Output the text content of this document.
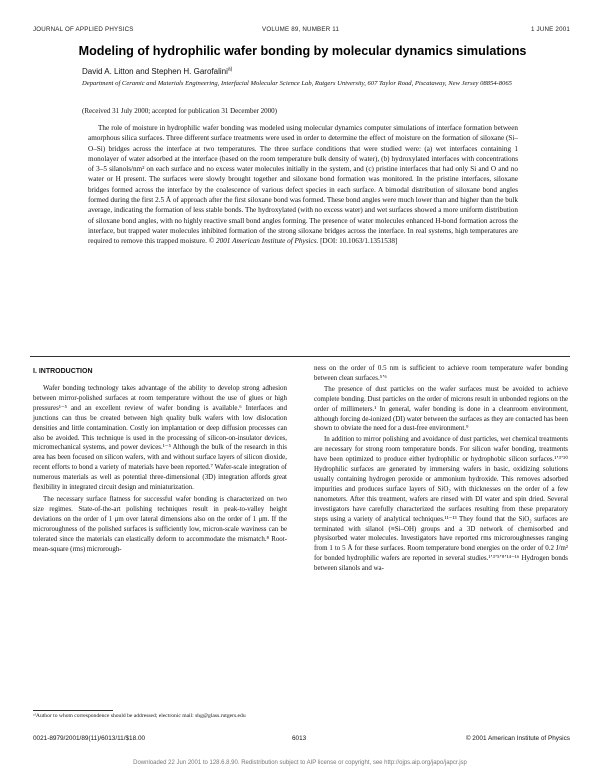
JOURNAL OF APPLIED PHYSICS	VOLUME 89, NUMBER 11	1 JUNE 2001
Modeling of hydrophilic wafer bonding by molecular dynamics simulations
David A. Litton and Stephen H. Garofalini$^{a)}$
Department of Ceramic and Materials Engineering, Interfacial Molecular Science Lab, Rutgers University, 607 Taylor Road, Piscataway, New Jersey 08854-8065
(Received 31 July 2000; accepted for publication 31 December 2000)

The role of moisture in hydrophilic wafer bonding was modeled using molecular dynamics computer simulations of interface formation between amorphous silica surfaces. Three different surface treatments were used in order to determine the effect of moisture on the formation of siloxane (Si–O–Si) bridges across the interface at two temperatures. The three surface conditions that were studied were: (a) wet interfaces containing 1 monolayer of water adsorbed at the interface (based on the room temperature bulk density of water), (b) hydroxylated interfaces with concentrations of 3–5 silanols/nm² on each surface and no excess water molecules initially in the system, and (c) pristine interfaces that had only Si and O and no water or H present. The surfaces were slowly brought together and siloxane bond formation was monitored. In the pristine interfaces, siloxane bridges formed across the interface by the coalescence of various defect species in each surface. A bimodal distribution of siloxane bond angles formed during the first 2.5 Å of approach after the first siloxane bond was formed. These bond angles were much lower than and higher than the bulk average, indicating the formation of less stable bonds. The hydroxylated (with no excess water) and wet surfaces showed a more uniform distribution of siloxane bond angles, with no highly reactive small bond angles forming. The presence of water molecules enhanced H-bond formation across the interface, but trapped water molecules inhibited formation of the strong siloxane bridges across the interface. In real systems, high temperatures are required to remove this trapped moisture. © 2001 American Institute of Physics. [DOI: 10.1063/1.1351538]

I. INTRODUCTION

Wafer bonding technology takes advantage of the ability to develop strong adhesion between mirror-polished surfaces at room temperature without the use of glues or high pressures¹⁻⁵ and an excellent review of wafer bonding is available.⁶ Interfaces and junctions can thus be created between high quality bulk wafers with low dislocation densities and little contamination. Costly ion implantation or deep diffusion processes can also be avoided. This technique is used in the processing of silicon-on-insulator devices, micromechanical systems, and power devices.¹⁻⁵ Although the bulk of the research in this area has been focused on silicon wafers, with and without surface layers of silicon dioxide, recent efforts to bond a variety of materials have been reported.⁷ Wafer-scale integration of numerous materials as well as potential three-dimensional (3D) integration affords great flexibility in integrated circuit design and miniaturization.

The necessary surface flatness for successful wafer bonding is characterized on two size regimes. State-of-the-art polishing techniques result in peak-to-valley height deviations on the order of 1 μm over lateral dimensions also on the order of 1 μm. If the microroughness of the polished surfaces is sufficiently low, micron-scale waviness can be tolerated since the materials can elastically deform to accommodate the mismatch.⁸ Root-mean-square (rms) microrough-

ness on the order of 0.5 nm is sufficient to achieve room temperature wafer bonding between clean surfaces.⁵ʼ⁶

The presence of dust particles on the wafer surfaces must be avoided to achieve complete bonding. Dust particles on the order of microns result in unbonded regions on the order of millimeters.¹ In general, wafer bonding is done in a cleanroom environment, although forcing de-ionized (DI) water between the surfaces as they are contacted has been shown to obviate the need for a dust-free environment.⁹

In addition to mirror polishing and avoidance of dust particles, wet chemical treatments are necessary for strong room temperature bonds. For silicon wafer bonding, treatments have been optimized to produce either hydrophilic or hydrophobic silicon surfaces.¹ʼ³ʼ¹⁰ Hydrophilic surfaces are generated by immersing wafers in basic, oxidizing solutions usually containing hydrogen peroxide or ammonium hydroxide. This removes adsorbed impurities and produces surface layers of SiO₂ with thicknesses on the order of a few nanometers. After this treatment, wafers are rinsed with DI water and spin dried. Several investigators have carefully characterized the surfaces resulting from these preparatory steps using a variety of analytical techniques.¹¹⁻¹³ They found that the SiO₂ surfaces are terminated with silanol (≡Si–OH) groups and a 3D network of chemisorbed and physisorbed water molecules. Investigators have reported rms microroughnesses ranging from 1 to 5 Å for these surfaces. Room temperature bond energies on the order of 0.2 J/m² for bonded hydrophilic wafers are reported in several studies.¹ʼ³ʼ⁵ʼ⁸ʼ¹⁴⁻¹⁶ Hydrogen bonds between silanols and wa-

ᵃ⁾Author to whom correspondence should be addressed; electronic mail: shg@glass.rutgers.edu
0021-8979/2001/89(11)/6013/11/$18.00	6013	© 2001 American Institute of Physics
Downloaded 22 Jun 2001 to 128.6.8.90. Redistribution subject to AIP license or copyright, see http://ojps.aip.org/japo/japcr.jsp
